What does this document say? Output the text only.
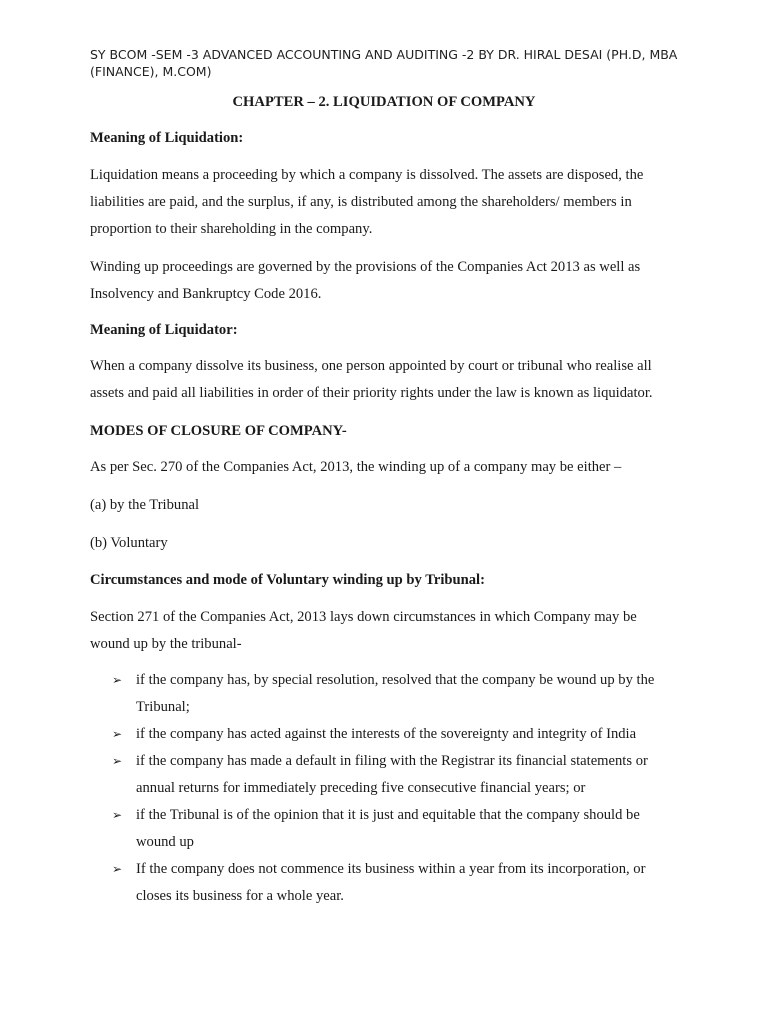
SY BCOM -SEM -3 ADVANCED ACCOUNTING AND AUDITING -2 BY DR. HIRAL DESAI (PH.D, MBA (FINANCE), M.COM)
CHAPTER – 2. LIQUIDATION OF COMPANY
Meaning of Liquidation:
Liquidation means a proceeding by which a company is dissolved. The assets are disposed, the liabilities are paid, and the surplus, if any, is distributed among the shareholders/ members in proportion to their shareholding in the company.
Winding up proceedings are governed by the provisions of the Companies Act 2013 as well as Insolvency and Bankruptcy Code 2016.
Meaning of Liquidator:
When a company dissolve its business, one person appointed by court or tribunal who realise all assets and paid all liabilities in order of their priority rights under the law is known as liquidator.
MODES OF CLOSURE OF COMPANY-
As per Sec. 270 of the Companies Act, 2013, the winding up of a company may be either –
(a) by the Tribunal
(b) Voluntary
Circumstances and mode of Voluntary winding up by Tribunal:
Section 271 of the Companies Act, 2013 lays down circumstances in which Company may be wound up by the tribunal-
➢ if the company has, by special resolution, resolved that the company be wound up by the Tribunal;
➢ if the company has acted against the interests of the sovereignty and integrity of India
➢ if the company has made a default in filing with the Registrar its financial statements or annual returns for immediately preceding five consecutive financial years; or
➢ if the Tribunal is of the opinion that it is just and equitable that the company should be wound up
➢ If the company does not commence its business within a year from its incorporation, or closes its business for a whole year.
